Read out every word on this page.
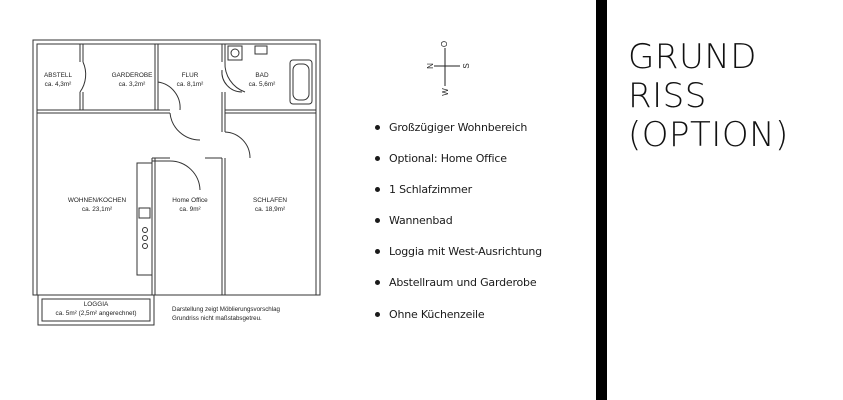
ABSTELL
ca. 4,3m²
GARDEROBE
ca. 3,2m²
FLUR
ca. 8,1m²
BAD
ca. 5,6m²
WOHNEN/KOCHEN
ca. 23,1m²
Home Office
ca. 9m²
SCHLAFEN
ca. 18,9m²
LOGGIA
ca. 5m² (2,5m² angerechnet)
Darstellung zeigt Möblierungsvorschlag
Grundriss nicht maßstabsgetreu.
O
N	S
W
Großzügiger Wohnbereich
Optional: Home Office
1 Schlafzimmer
Wannenbad
Loggia mit West-Ausrichtung
Abstellraum und Garderobe
Ohne Küchenzeile
GRUND
RISS
(OPTION)
